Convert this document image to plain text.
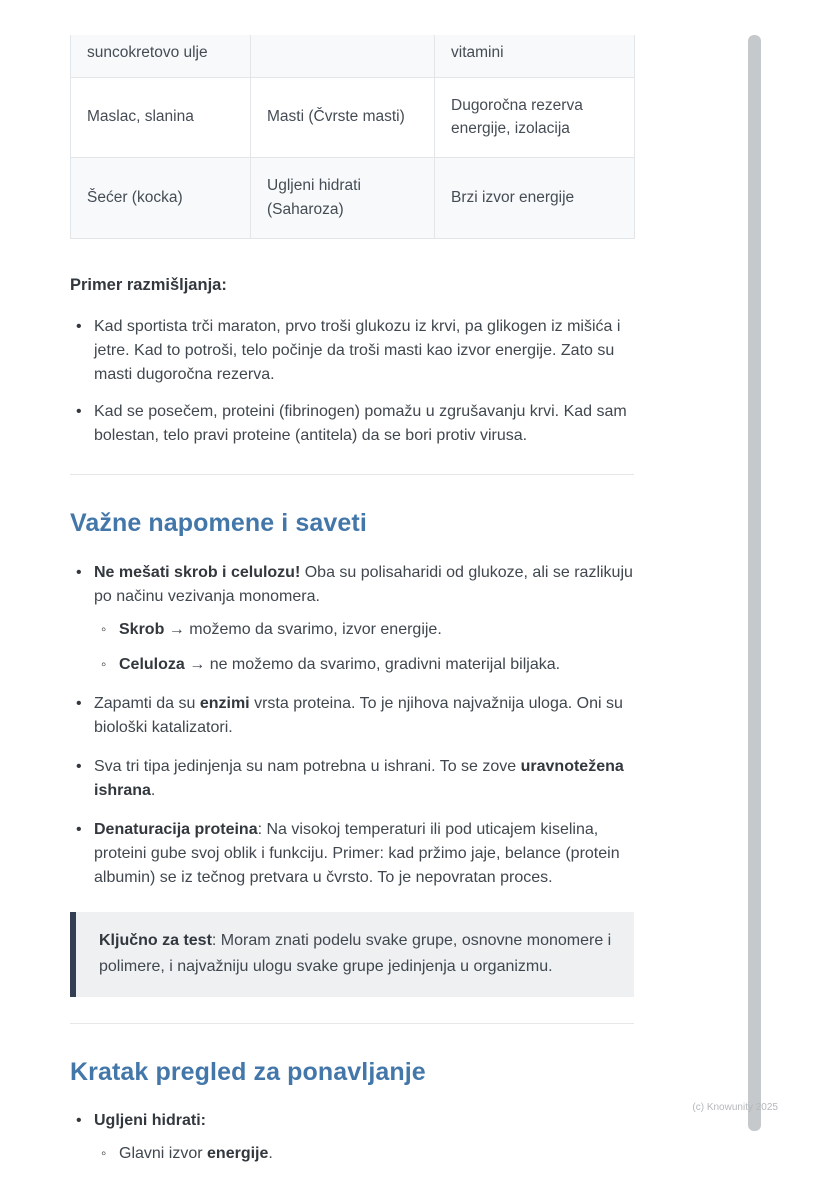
suncokretovo ulje		vitamini
Maslac, slanina	Masti (Čvrste masti)	Dugoročna rezerva energije, izolacija
Šećer (kocka)	Ugljeni hidrati (Saharoza)	Brzi izvor energije

Primer razmišljanja:

• Kad sportista trči maraton, prvo troši glukozu iz krvi, pa glikogen iz mišića i jetre. Kad to potroši, telo počinje da troši masti kao izvor energije. Zato su masti dugoročna rezerva.
• Kad se posečem, proteini (fibrinogen) pomažu u zgrušavanju krvi. Kad sam bolestan, telo pravi proteine (antitela) da se bori protiv virusa.
Važne napomene i saveti
• Ne mešati skrob i celulozu! Oba su polisaharidi od glukoze, ali se razlikuju po načinu vezivanja monomera.
◦ Skrob → možemo da svarimo, izvor energije.
◦ Celuloza → ne možemo da svarimo, gradivni materijal biljaka.
• Zapamti da su enzimi vrsta proteina. To je njihova najvažnija uloga. Oni su biološki katalizatori.
• Sva tri tipa jedinjenja su nam potrebna u ishrani. To se zove uravnotežena ishrana.
• Denaturacija proteina: Na visokoj temperaturi ili pod uticajem kiselina, proteini gube svoj oblik i funkciju. Primer: kad pržimo jaje, belance (protein albumin) se iz tečnog pretvara u čvrsto. To je nepovratan proces.
Ključno za test: Moram znati podelu svake grupe, osnovne monomere i polimere, i najvažniju ulogu svake grupe jedinjenja u organizmu.
Kratak pregled za ponavljanje
• Ugljeni hidrati:
◦ Glavni izvor energije.
(c) Knowunity 2025
